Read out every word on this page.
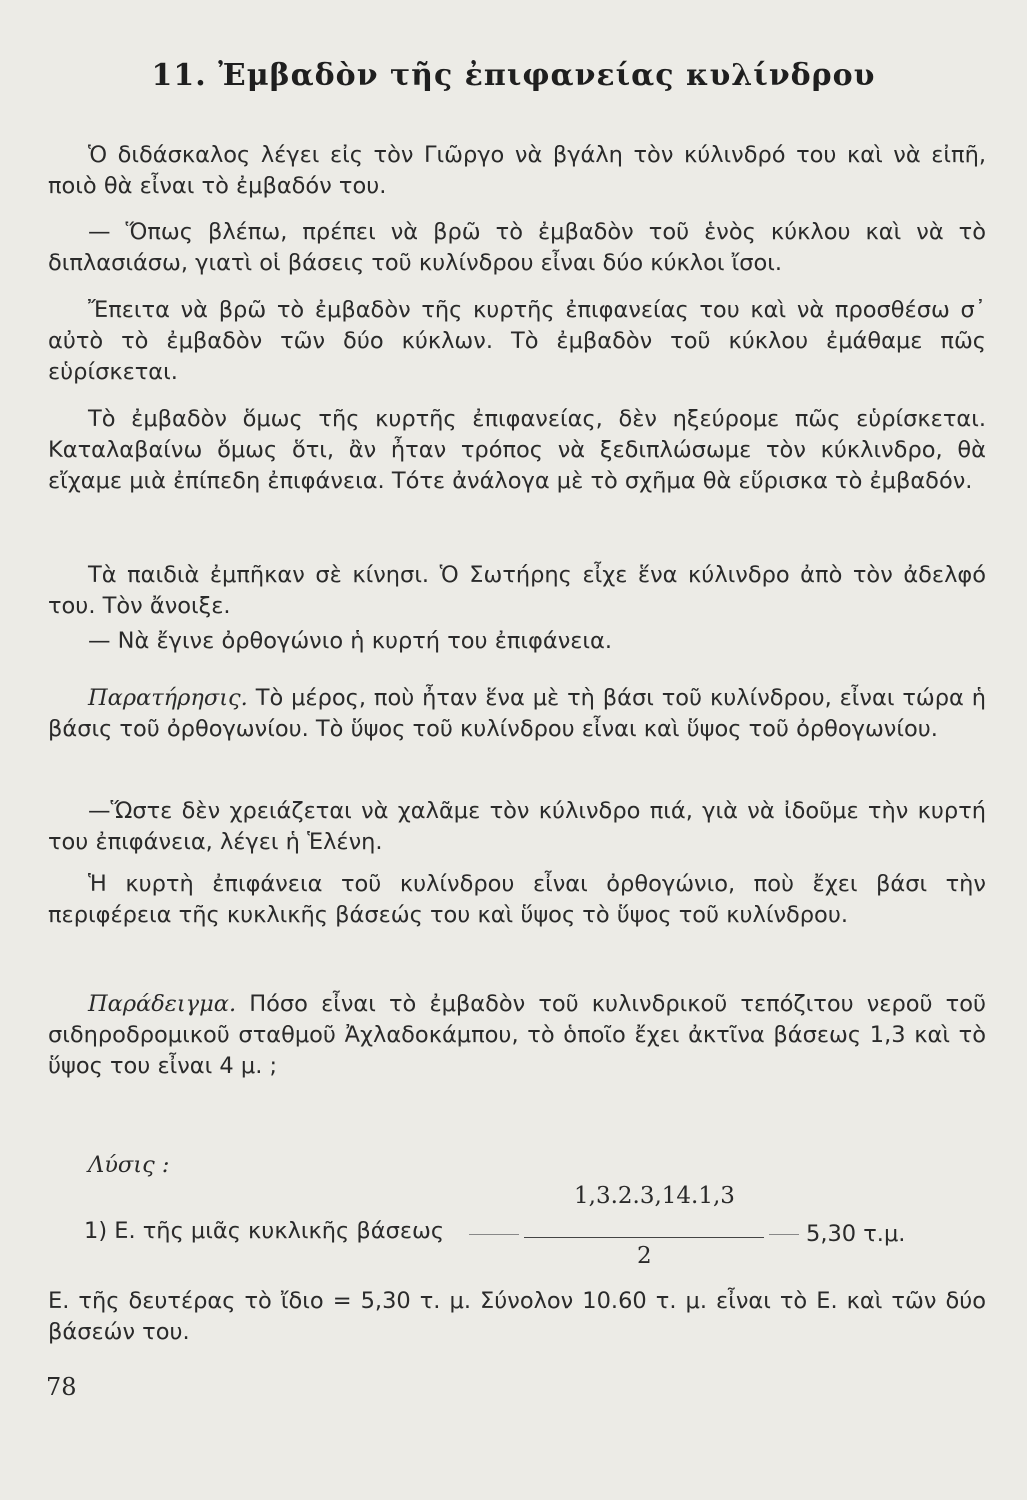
11. Ἐμβαδὸν τῆς ἐπιφανείας κυλίνδρου

Ὁ διδάσκαλος λέγει εἰς τὸν Γιῶργο νὰ βγάλη τὸν κύλινδρό του καὶ νὰ εἰπῆ, ποιὸ θὰ εἶναι τὸ ἐμβαδόν του.

— Ὅπως βλέπω, πρέπει νὰ βρῶ τὸ ἐμβαδὸν τοῦ ἑνὸς κύκλου καὶ νὰ τὸ διπλασιάσω, γιατὶ οἱ βάσεις τοῦ κυλίνδρου εἶναι δύο κύκλοι ἴσοι.

Ἔπειτα νὰ βρῶ τὸ ἐμβαδὸν τῆς κυρτῆς ἐπιφανείας του καὶ νὰ προσθέσω σ᾿ αὐτὸ τὸ ἐμβαδὸν τῶν δύο κύκλων. Τὸ ἐμβαδὸν τοῦ κύκλου ἐμάθαμε πῶς εὑρίσκεται.

Τὸ ἐμβαδὸν ὅμως τῆς κυρτῆς ἐπιφανείας, δὲν ηξεύρομε πῶς εὑρίσκεται. Καταλαβαίνω ὅμως ὅτι, ἂν ἦταν τρόπος νὰ ξεδιπλώσωμε τὸν κύκλινδρο, θὰ εἴχαμε μιὰ ἐπίπεδη ἐπιφάνεια. Τότε ἀνάλογα μὲ τὸ σχῆμα θὰ εὕρισκα τὸ ἐμβαδόν.

Τὰ παιδιὰ ἐμπῆκαν σὲ κίνησι. Ὁ Σωτήρης εἶχε ἕνα κύλινδρο ἀπὸ τὸν ἀδελφό του. Τὸν ἄνοιξε.

— Νὰ ἔγινε ὀρθογώνιο ἡ κυρτή του ἐπιφάνεια.

Παρατήρησις. Τὸ μέρος, ποὺ ἦταν ἕνα μὲ τὴ βάσι τοῦ κυλίνδρου, εἶναι τώρα ἡ βάσις τοῦ ὀρθογωνίου. Τὸ ὕψος τοῦ κυλίνδρου εἶναι καὶ ὕψος τοῦ ὀρθογωνίου.

—Ὥστε δὲν χρειάζεται νὰ χαλᾶμε τὸν κύλινδρο πιά, γιὰ νὰ ἰδοῦμε τὴν κυρτή του ἐπιφάνεια, λέγει ἡ Ἑλένη.

Ἡ κυρτὴ ἐπιφάνεια τοῦ κυλίνδρου εἶναι ὀρθογώνιο, ποὺ ἔχει βάσι τὴν περιφέρεια τῆς κυκλικῆς βάσεώς του καὶ ὕψος τὸ ὕψος τοῦ κυλίνδρου.

Παράδειγμα. Πόσο εἶναι τὸ ἐμβαδὸν τοῦ κυλινδρικοῦ τεπόζιτου νεροῦ τοῦ σιδηροδρομικοῦ σταθμοῦ Ἀχλαδοκάμπου, τὸ ὁποῖο ἔχει ἀκτῖνα βάσεως 1,3 καὶ τὸ ὕψος του εἶναι 4 μ. ;

Λύσις :

1) Ε. τῆς μιᾶς κυκλικῆς βάσεως
1,3.2.3,14.1,3
2
5,30 τ.μ.

Ε. τῆς δευτέρας τὸ ἴδιο = 5,30 τ. μ. Σύνολον 10.60 τ. μ. εἶναι τὸ Ε. καὶ τῶν δύο βάσεών του.

78
